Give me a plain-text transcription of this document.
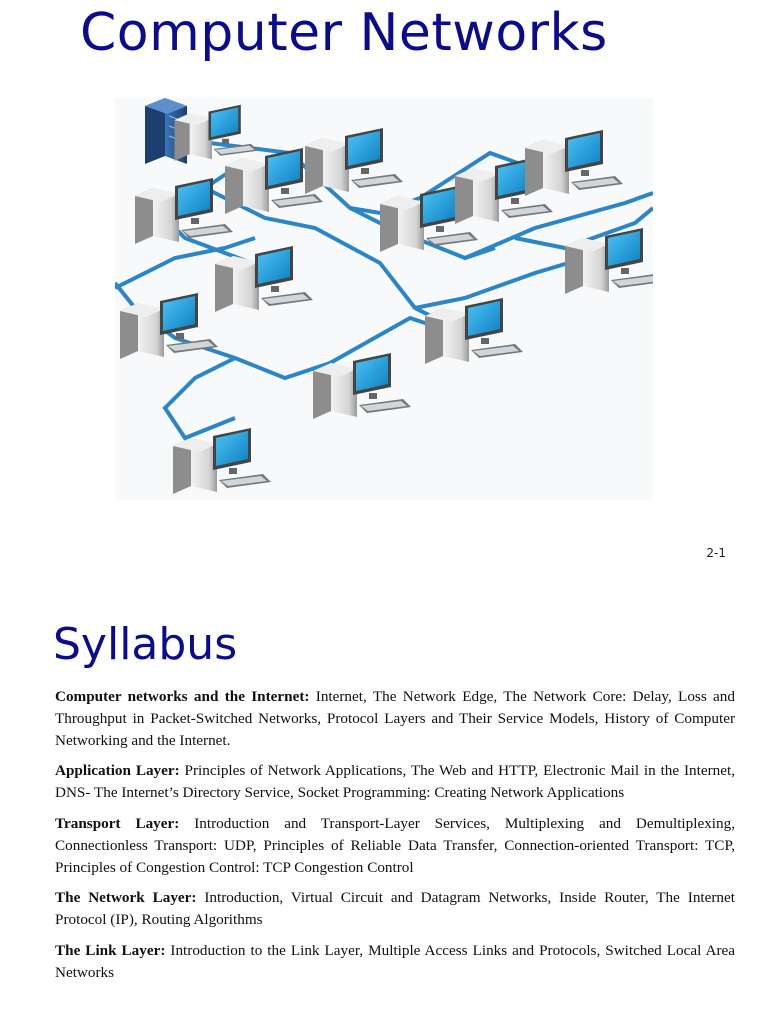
Computer Networks
2-1
Syllabus

Computer networks and the Internet: Internet, The Network Edge, The Network Core: Delay, Loss and Throughput in Packet-Switched Networks, Protocol Layers and Their Service Models, History of Computer Networking and the Internet.

Application Layer: Principles of Network Applications, The Web and HTTP, Electronic Mail in the Internet, DNS- The Internet’s Directory Service, Socket Programming: Creating Network Applications

Transport Layer: Introduction and Transport-Layer Services, Multiplexing and Demultiplexing, Connectionless Transport: UDP, Principles of Reliable Data Transfer, Connection-oriented Transport: TCP, Principles of Congestion Control: TCP Congestion Control

The Network Layer: Introduction, Virtual Circuit and Datagram Networks, Inside Router, The Internet Protocol (IP), Routing Algorithms

The Link Layer: Introduction to the Link Layer, Multiple Access Links and Protocols, Switched Local Area Networks
